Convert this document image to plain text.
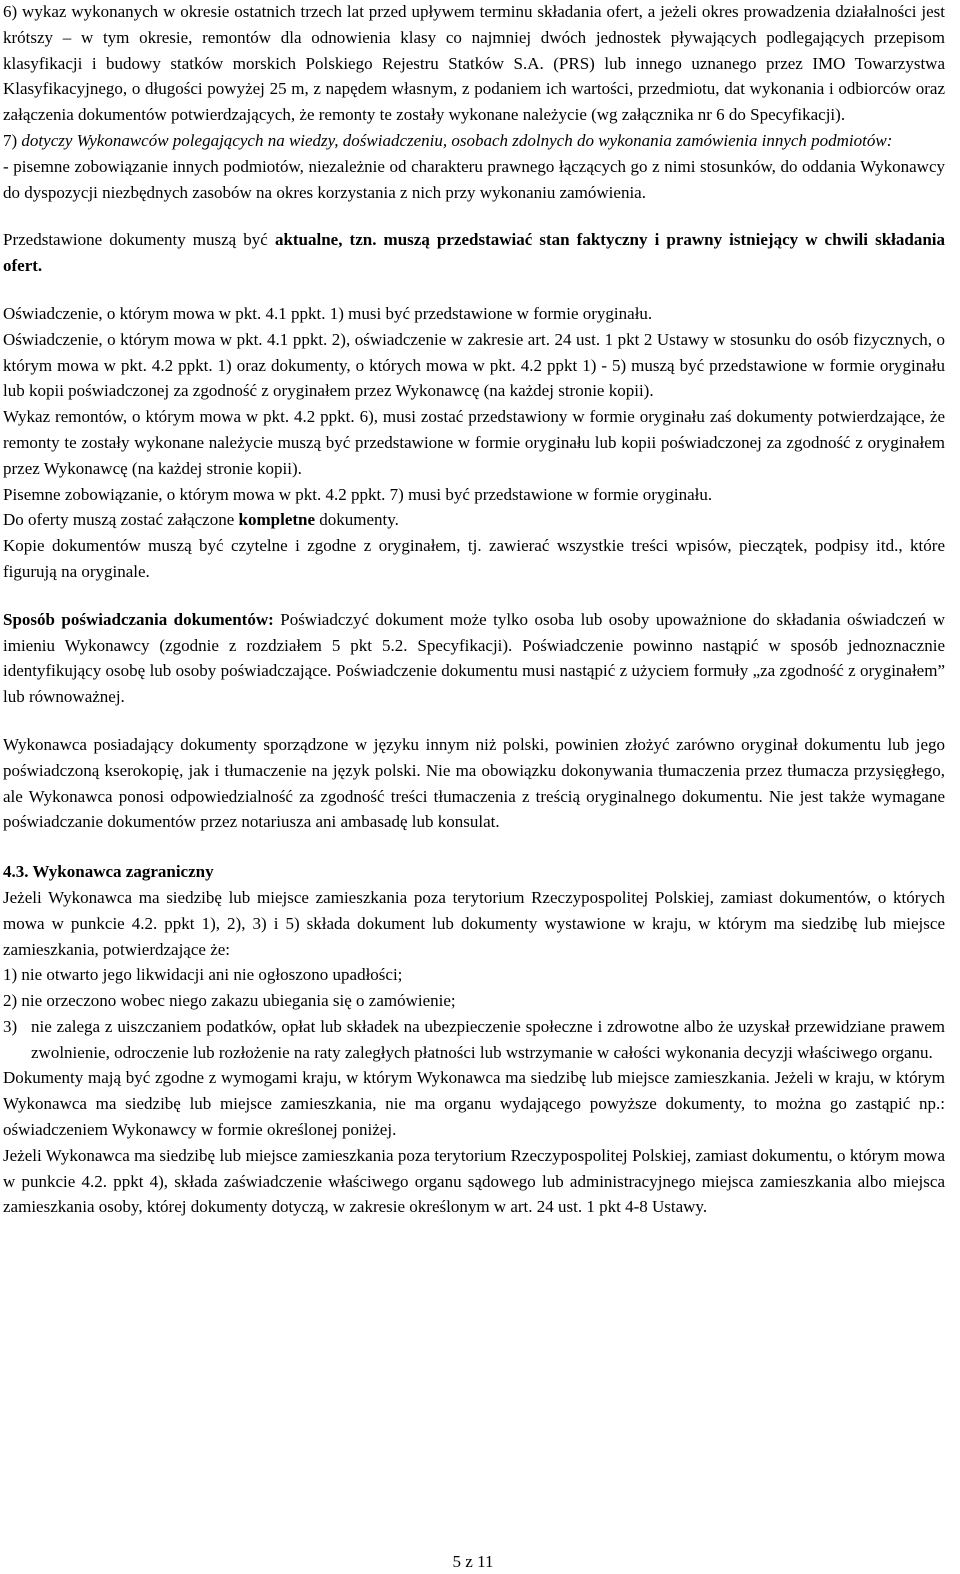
6) wykaz wykonanych w okresie ostatnich trzech lat przed upływem terminu składania ofert, a jeżeli okres prowadzenia działalności jest krótszy – w tym okresie, remontów dla odnowienia klasy co najmniej dwóch jednostek pływających podlegających przepisom klasyfikacji i budowy statków morskich Polskiego Rejestru Statków S.A. (PRS) lub innego uznanego przez IMO Towarzystwa Klasyfikacyjnego, o długości powyżej 25 m, z napędem własnym, z podaniem ich wartości, przedmiotu, dat wykonania i odbiorców oraz załączenia dokumentów potwierdzających, że remonty te zostały wykonane należycie (wg załącznika nr 6 do Specyfikacji).

7) dotyczy Wykonawców polegających na wiedzy, doświadczeniu, osobach zdolnych do wykonania zamówienia innych podmiotów:

- pisemne zobowiązanie innych podmiotów, niezależnie od charakteru prawnego łączących go z nimi stosunków, do oddania Wykonawcy do dyspozycji niezbędnych zasobów na okres korzystania z nich przy wykonaniu zamówienia.

Przedstawione dokumenty muszą być aktualne, tzn. muszą przedstawiać stan faktyczny i prawny istniejący w chwili składania ofert.

Oświadczenie, o którym mowa w pkt. 4.1 ppkt. 1) musi być przedstawione w formie oryginału.

Oświadczenie, o którym mowa w pkt. 4.1 ppkt. 2), oświadczenie w zakresie art. 24 ust. 1 pkt 2 Ustawy w stosunku do osób fizycznych, o którym mowa w pkt. 4.2 ppkt. 1) oraz dokumenty, o których mowa w pkt. 4.2 ppkt 1) - 5) muszą być przedstawione w formie oryginału lub kopii poświadczonej za zgodność z oryginałem przez Wykonawcę (na każdej stronie kopii).

Wykaz remontów, o którym mowa w pkt. 4.2 ppkt. 6), musi zostać przedstawiony w formie oryginału zaś dokumenty potwierdzające, że remonty te zostały wykonane należycie muszą być przedstawione w formie oryginału lub kopii poświadczonej za zgodność z oryginałem przez Wykonawcę (na każdej stronie kopii).

Pisemne zobowiązanie, o którym mowa w pkt. 4.2 ppkt. 7) musi być przedstawione w formie oryginału.

Do oferty muszą zostać załączone kompletne dokumenty.

Kopie dokumentów muszą być czytelne i zgodne z oryginałem, tj. zawierać wszystkie treści wpisów, pieczątek, podpisy itd., które figurują na oryginale.

Sposób poświadczania dokumentów: Poświadczyć dokument może tylko osoba lub osoby upoważnione do składania oświadczeń w imieniu Wykonawcy (zgodnie z rozdziałem 5 pkt 5.2. Specyfikacji). Poświadczenie powinno nastąpić w sposób jednoznacznie identyfikujący osobę lub osoby poświadczające. Poświadczenie dokumentu musi nastąpić z użyciem formuły „za zgodność z oryginałem” lub równoważnej.

Wykonawca posiadający dokumenty sporządzone w języku innym niż polski, powinien złożyć zarówno oryginał dokumentu lub jego poświadczoną kserokopię, jak i tłumaczenie na język polski. Nie ma obowiązku dokonywania tłumaczenia przez tłumacza przysięgłego, ale Wykonawca ponosi odpowiedzialność za zgodność treści tłumaczenia z treścią oryginalnego dokumentu. Nie jest także wymagane poświadczanie dokumentów przez notariusza ani ambasadę lub konsulat.

4.3. Wykonawca zagraniczny

Jeżeli Wykonawca ma siedzibę lub miejsce zamieszkania poza terytorium Rzeczypospolitej Polskiej, zamiast dokumentów, o których mowa w punkcie 4.2. ppkt 1), 2), 3) i 5) składa dokument lub dokumenty wystawione w kraju, w którym ma siedzibę lub miejsce zamieszkania, potwierdzające że:

1) nie otwarto jego likwidacji ani nie ogłoszono upadłości;

2) nie orzeczono wobec niego zakazu ubiegania się o zamówienie;

3) nie zalega z uiszczaniem podatków, opłat lub składek na ubezpieczenie społeczne i zdrowotne albo że uzyskał przewidziane prawem zwolnienie, odroczenie lub rozłożenie na raty zaległych płatności lub wstrzymanie w całości wykonania decyzji właściwego organu.

Dokumenty mają być zgodne z wymogami kraju, w którym Wykonawca ma siedzibę lub miejsce zamieszkania. Jeżeli w kraju, w którym Wykonawca ma siedzibę lub miejsce zamieszkania, nie ma organu wydającego powyższe dokumenty, to można go zastąpić np.: oświadczeniem Wykonawcy w formie określonej poniżej.

Jeżeli Wykonawca ma siedzibę lub miejsce zamieszkania poza terytorium Rzeczypospolitej Polskiej, zamiast dokumentu, o którym mowa w punkcie 4.2. ppkt 4), składa zaświadczenie właściwego organu sądowego lub administracyjnego miejsca zamieszkania albo miejsca zamieszkania osoby, której dokumenty dotyczą, w zakresie określonym w art. 24 ust. 1 pkt 4-8 Ustawy.

5 z 11
